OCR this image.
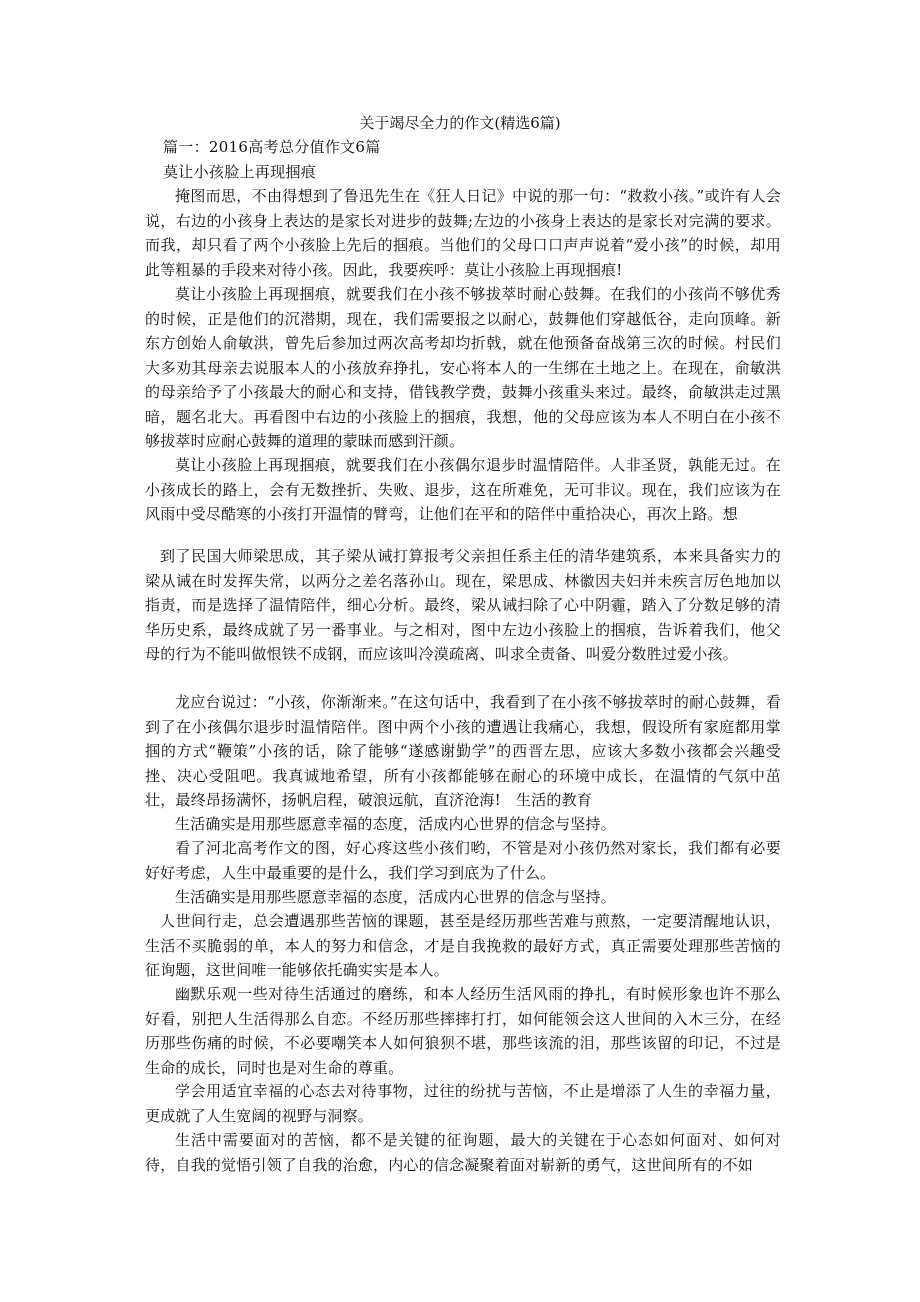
关于竭尽全力的作文(精选6篇)
篇一：2016高考总分值作文6篇
莫让小孩脸上再现掴痕
掩图而思，不由得想到了鲁迅先生在《狂人日记》中说的那一句：“救救小孩。”或许有人会说，右边的小孩身上表达的是家长对进步的鼓舞;左边的小孩身上表达的是家长对完满的要求。而我，却只看了两个小孩脸上先后的掴痕。当他们的父母口口声声说着“爱小孩”的时候，却用此等粗暴的手段来对待小孩。因此，我要疾呼：莫让小孩脸上再现掴痕!
莫让小孩脸上再现掴痕，就要我们在小孩不够拔萃时耐心鼓舞。在我们的小孩尚不够优秀的时候，正是他们的沉潜期，现在，我们需要报之以耐心，鼓舞他们穿越低谷，走向顶峰。新东方创始人俞敏洪，曾先后参加过两次高考却均折戟，就在他预备奋战第三次的时候。村民们大多劝其母亲去说服本人的小孩放弃挣扎，安心将本人的一生绑在土地之上。在现在，俞敏洪的母亲给予了小孩最大的耐心和支持，借钱教学费，鼓舞小孩重头来过。最终，俞敏洪走过黑暗，题名北大。再看图中右边的小孩脸上的掴痕，我想，他的父母应该为本人不明白在小孩不够拔萃时应耐心鼓舞的道理的蒙昧而感到汗颜。
莫让小孩脸上再现掴痕，就要我们在小孩偶尔退步时温情陪伴。人非圣贤，孰能无过。在小孩成长的路上，会有无数挫折、失败、退步，这在所难免，无可非议。现在，我们应该为在风雨中受尽酷寒的小孩打开温情的臂弯，让他们在平和的陪伴中重拾决心，再次上路。想
到了民国大师梁思成，其子梁从诫打算报考父亲担任系主任的清华建筑系，本来具备实力的梁从诫在时发挥失常，以两分之差名落孙山。现在，梁思成、林徽因夫妇并未疾言厉色地加以指责，而是选择了温情陪伴，细心分析。最终，梁从诫扫除了心中阴霾，踏入了分数足够的清华历史系，最终成就了另一番事业。与之相对，图中左边小孩脸上的掴痕，告诉着我们，他父母的行为不能叫做恨铁不成钢，而应该叫冷漠疏离、叫求全责备、叫爱分数胜过爱小孩。
龙应台说过：“小孩，你渐渐来。”在这句话中，我看到了在小孩不够拔萃时的耐心鼓舞，看到了在小孩偶尔退步时温情陪伴。图中两个小孩的遭遇让我痛心，我想，假设所有家庭都用掌掴的方式“鞭策”小孩的话，除了能够“遂感谢勤学”的西晋左思，应该大多数小孩都会兴趣受挫、决心受阻吧。我真诚地希望，所有小孩都能够在耐心的环境中成长，在温情的气氛中茁壮，最终昂扬满怀，扬帆启程，破浪远航，直济沧海!　生活的教育
生活确实是用那些愿意幸福的态度，活成内心世界的信念与坚持。
看了河北高考作文的图，好心疼这些小孩们哟，不管是对小孩仍然对家长，我们都有必要好好考虑，人生中最重要的是什么，我们学习到底为了什么。
生活确实是用那些愿意幸福的态度，活成内心世界的信念与坚持。
人世间行走，总会遭遇那些苦恼的课题，甚至是经历那些苦难与煎熬，一定要清醒地认识，生活不买脆弱的单，本人的努力和信念，才是自我挽救的最好方式，真正需要处理那些苦恼的征询题，这世间唯一能够依托确实实是本人。
幽默乐观一些对待生活通过的磨练，和本人经历生活风雨的挣扎，有时候形象也许不那么好看，别把人生活得那么自恋。不经历那些摔摔打打，如何能领会这人世间的入木三分，在经历那些伤痛的时候，不必要嘲笑本人如何狼狈不堪，那些该流的泪，那些该留的印记，不过是生命的成长，同时也是对生命的尊重。
学会用适宜幸福的心态去对待事物，过往的纷扰与苦恼，不止是增添了人生的幸福力量，更成就了人生宽阔的视野与洞察。
生活中需要面对的苦恼，都不是关键的征询题，最大的关键在于心态如何面对、如何对待，自我的觉悟引领了自我的治愈，内心的信念凝聚着面对崭新的勇气，这世间所有的不如
